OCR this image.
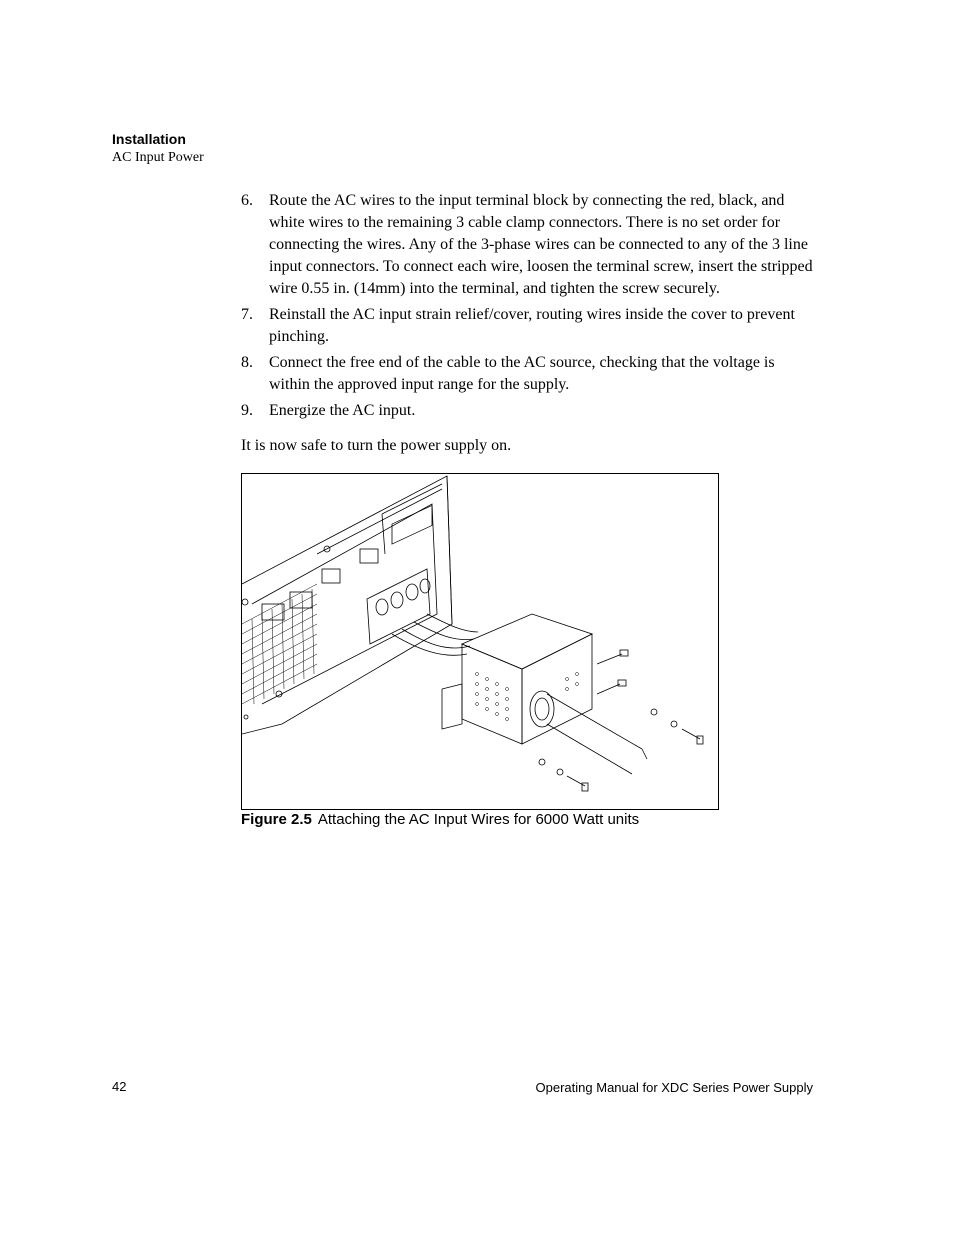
Installation
AC Input Power
6. Route the AC wires to the input terminal block by connecting the red, black, and white wires to the remaining 3 cable clamp connectors. There is no set order for connecting the wires. Any of the 3-phase wires can be connected to any of the 3 line input connectors. To connect each wire, loosen the terminal screw, insert the stripped wire 0.55 in. (14mm) into the terminal, and tighten the screw securely.
7. Reinstall the AC input strain relief/cover, routing wires inside the cover to prevent pinching.
8. Connect the free end of the cable to the AC source, checking that the voltage is within the approved input range for the supply.
9. Energize the AC input.
It is now safe to turn the power supply on.
Figure 2.5 Attaching the AC Input Wires for 6000 Watt units
42	Operating Manual for XDC Series Power Supply
